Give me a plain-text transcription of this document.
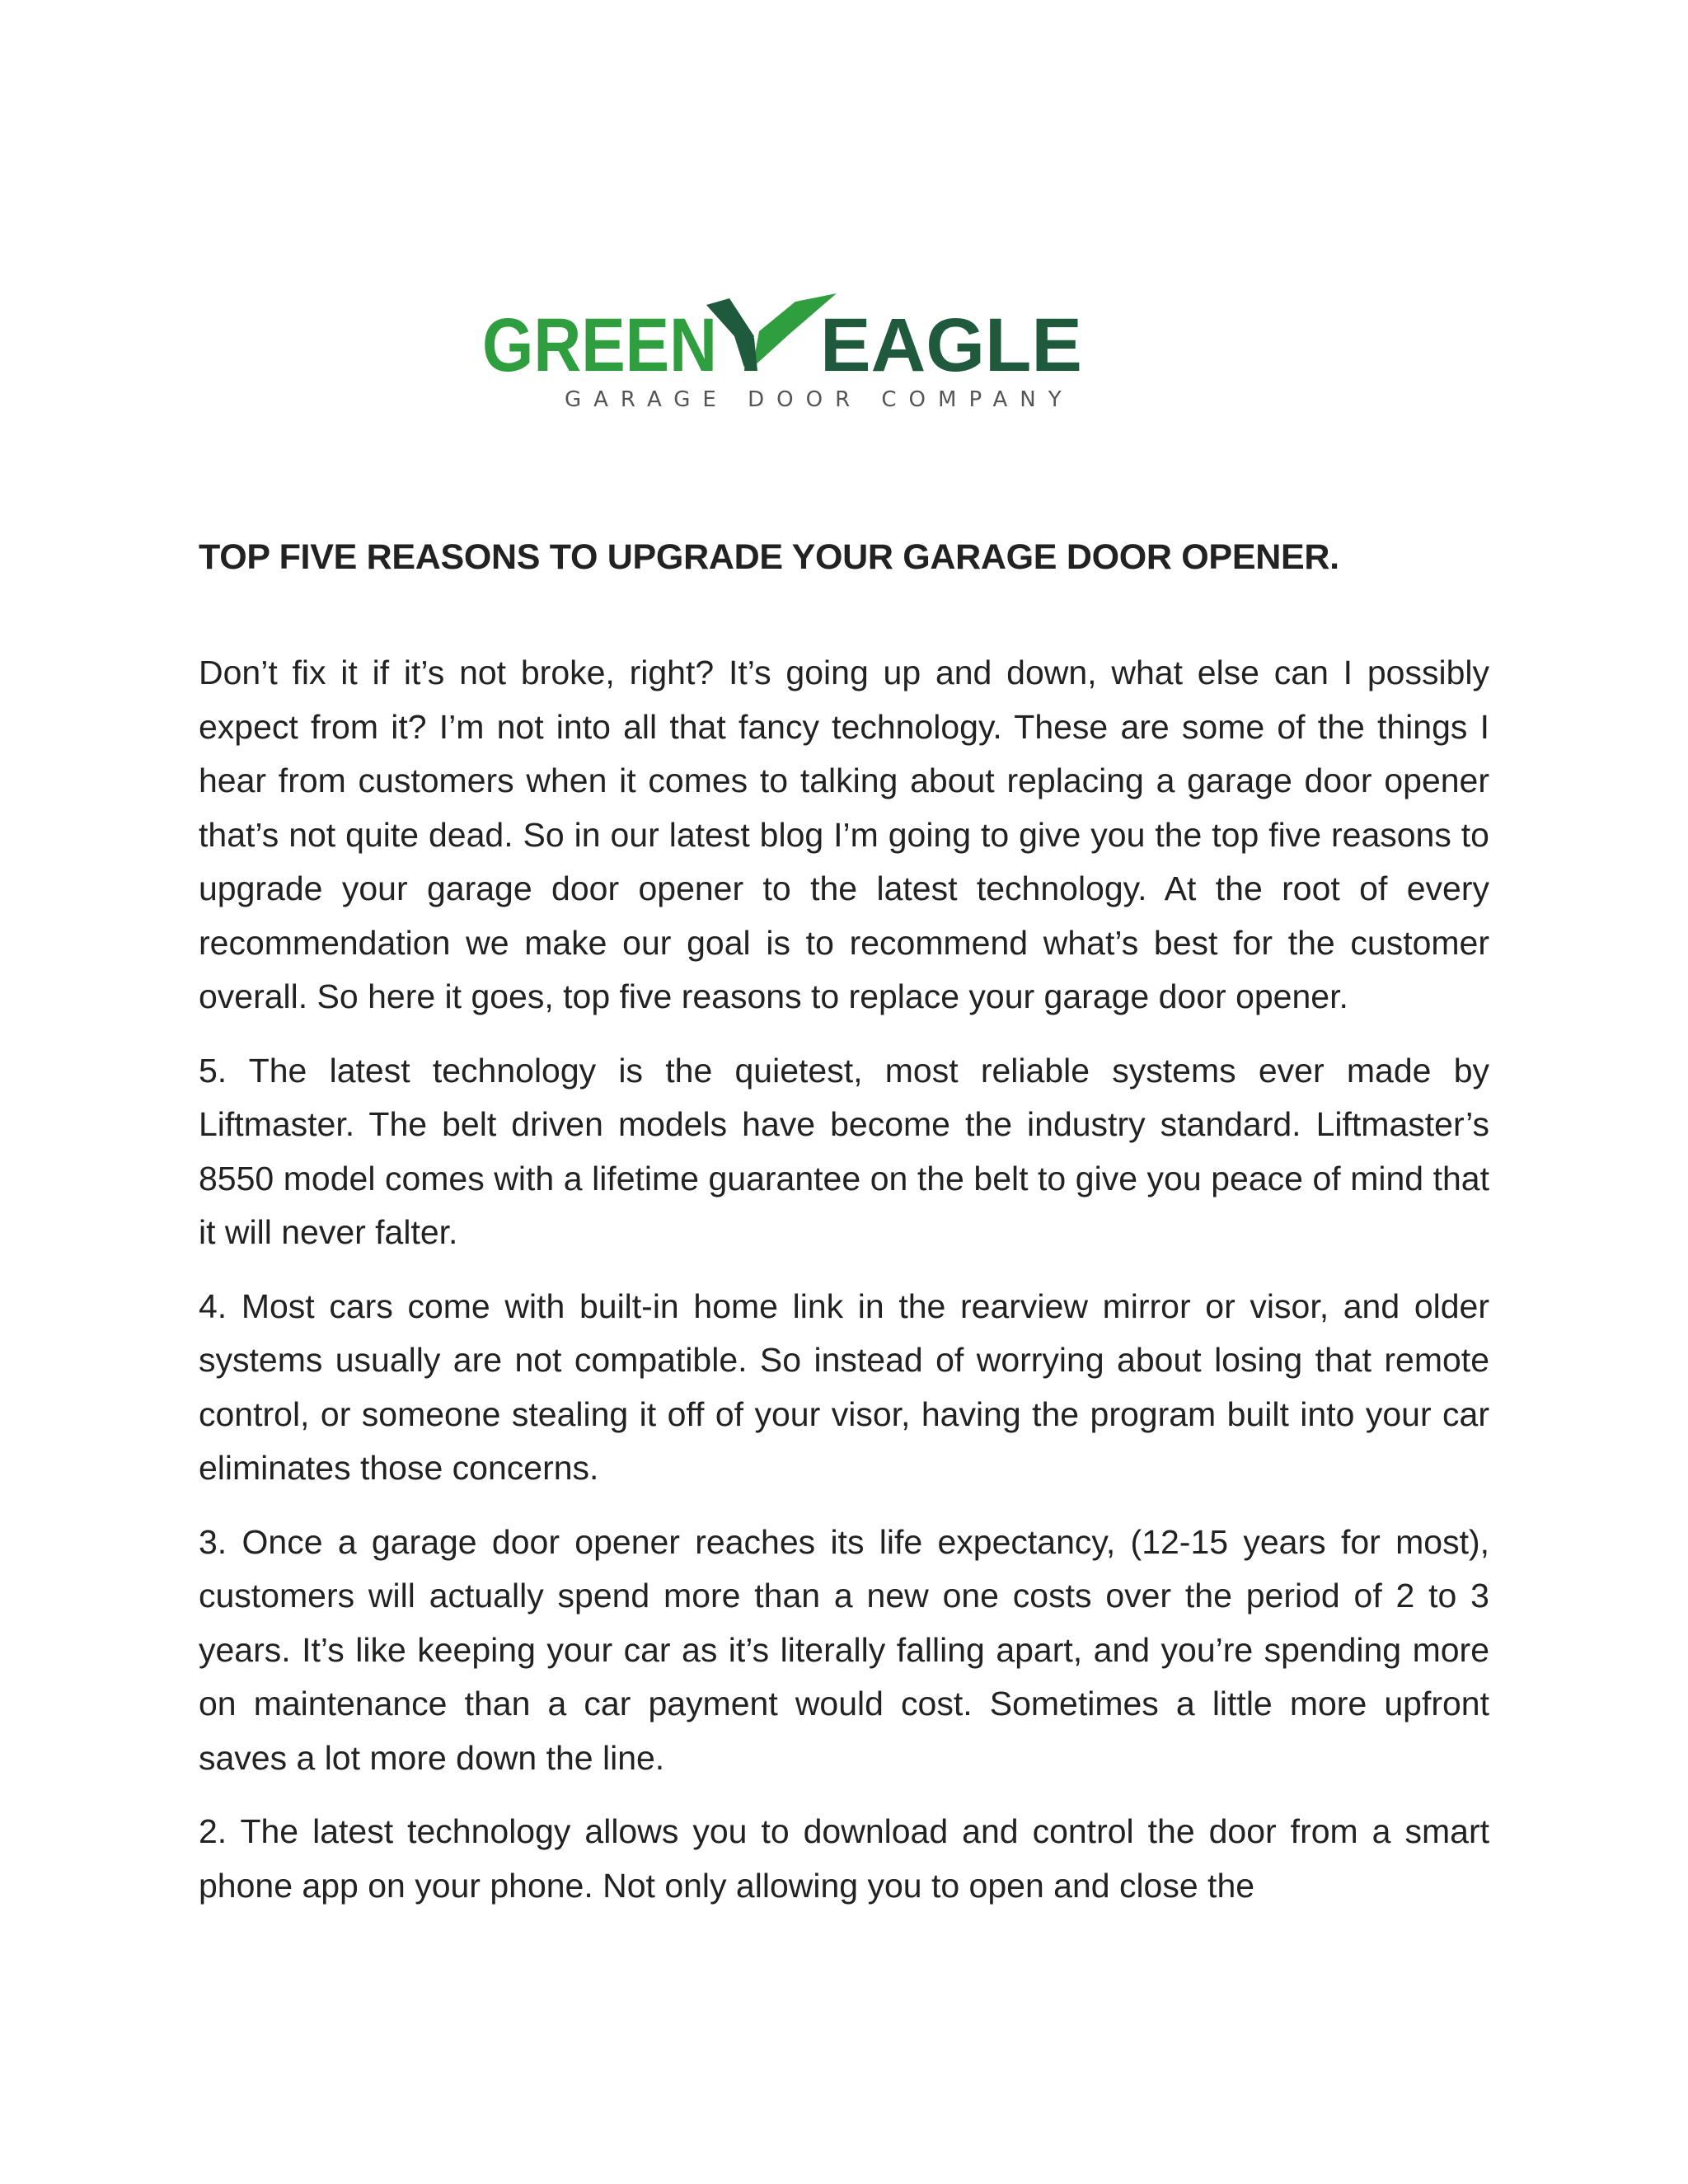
GREEN EAGLE
GARAGE DOOR COMPANY
TOP FIVE REASONS TO UPGRADE YOUR GARAGE DOOR OPENER.

Don’t fix it if it’s not broke, right? It’s going up and down, what else can I possibly expect from it? I’m not into all that fancy technology. These are some of the things I hear from customers when it comes to talking about replacing a garage door opener that’s not quite dead. So in our latest blog I’m going to give you the top five reasons to upgrade your garage door opener to the latest technology. At the root of every recommendation we make our goal is to recommend what’s best for the customer overall. So here it goes, top five reasons to replace your garage door opener.

5. The latest technology is the quietest, most reliable systems ever made by Liftmaster. The belt driven models have become the industry standard. Liftmaster’s 8550 model comes with a lifetime guarantee on the belt to give you peace of mind that it will never falter.

4. Most cars come with built-in home link in the rearview mirror or visor, and older systems usually are not compatible. So instead of worrying about losing that remote control, or someone stealing it off of your visor, having the program built into your car eliminates those concerns.

3. Once a garage door opener reaches its life expectancy, (12-15 years for most), customers will actually spend more than a new one costs over the period of 2 to 3 years. It’s like keeping your car as it’s literally falling apart, and you’re spending more on maintenance than a car payment would cost. Sometimes a little more upfront saves a lot more down the line.

2. The latest technology allows you to download and control the door from a smart phone app on your phone. Not only allowing you to open and close the
